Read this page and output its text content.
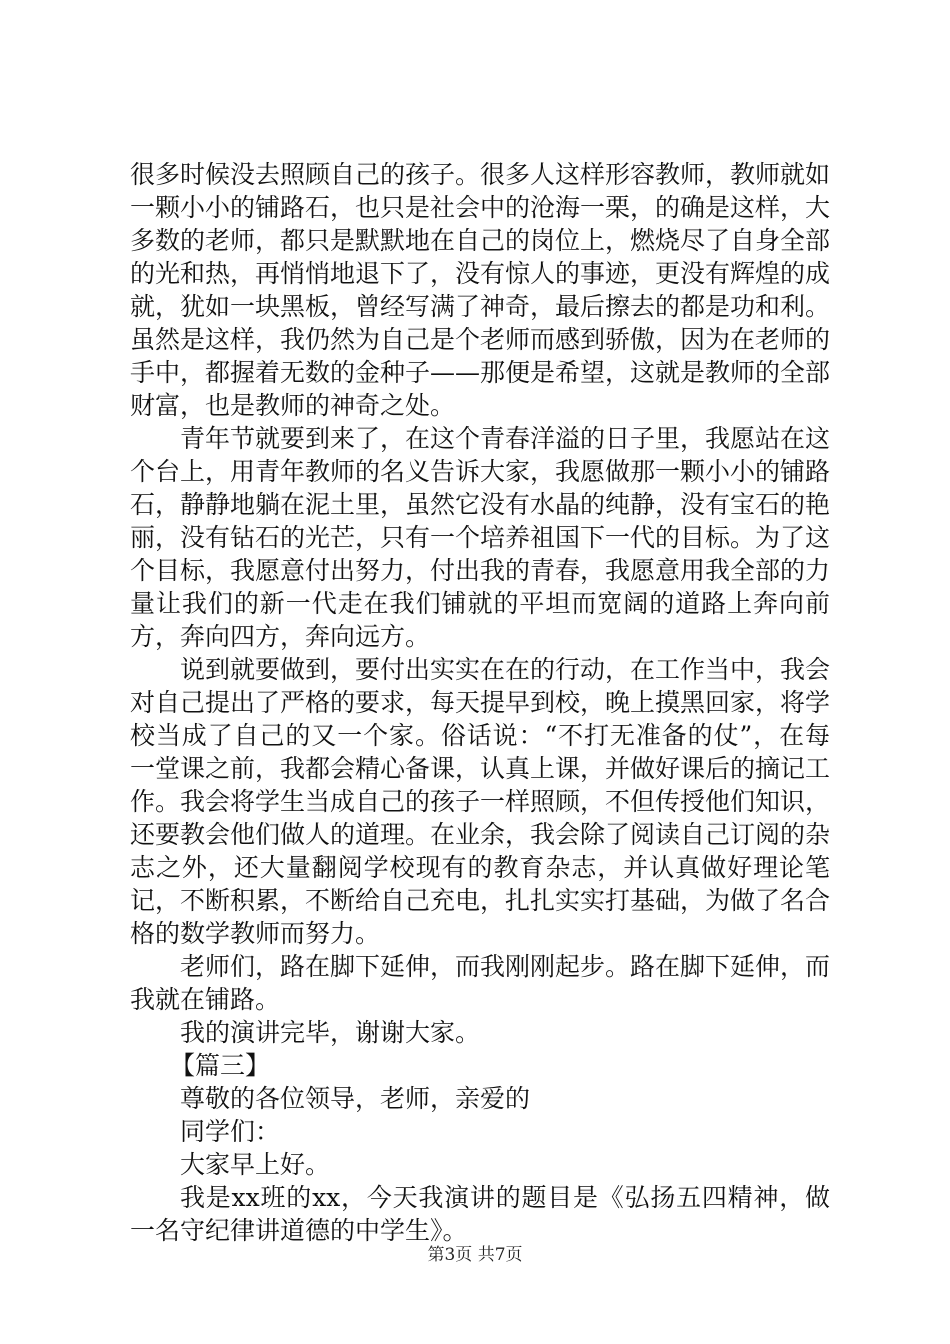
很多时候没去照顾自己的孩子。很多人这样形容教师，教师就如一颗小小的铺路石，也只是社会中的沧海一栗，的确是这样，大多数的老师，都只是默默地在自己的岗位上，燃烧尽了自身全部的光和热，再悄悄地退下了，没有惊人的事迹，更没有辉煌的成就，犹如一块黑板，曾经写满了神奇，最后擦去的都是功和利。虽然是这样，我仍然为自己是个老师而感到骄傲，因为在老师的手中，都握着无数的金种子——那便是希望，这就是教师的全部财富，也是教师的神奇之处。

青年节就要到来了，在这个青春洋溢的日子里，我愿站在这个台上，用青年教师的名义告诉大家，我愿做那一颗小小的铺路石，静静地躺在泥土里，虽然它没有水晶的纯静，没有宝石的艳丽，没有钻石的光芒，只有一个培养祖国下一代的目标。为了这个目标，我愿意付出努力，付出我的青春，我愿意用我全部的力量让我们的新一代走在我们铺就的平坦而宽阔的道路上奔向前方，奔向四方，奔向远方。

说到就要做到，要付出实实在在的行动，在工作当中，我会对自己提出了严格的要求，每天提早到校，晚上摸黑回家，将学校当成了自己的又一个家。俗话说：“不打无准备的仗”，在每一堂课之前，我都会精心备课，认真上课，并做好课后的摘记工作。我会将学生当成自己的孩子一样照顾，不但传授他们知识，还要教会他们做人的道理。在业余，我会除了阅读自己订阅的杂志之外，还大量翻阅学校现有的教育杂志，并认真做好理论笔记，不断积累，不断给自己充电，扎扎实实打基础，为做了名合格的数学教师而努力。

老师们，路在脚下延伸，而我刚刚起步。路在脚下延伸，而我就在铺路。

我的演讲完毕，谢谢大家。

【篇三】

尊敬的各位领导，老师，亲爱的

同学们：

大家早上好。

我是xx班的xx，今天我演讲的题目是《弘扬五四精神，做一名守纪律讲道德的中学生》。

第3页 共7页
